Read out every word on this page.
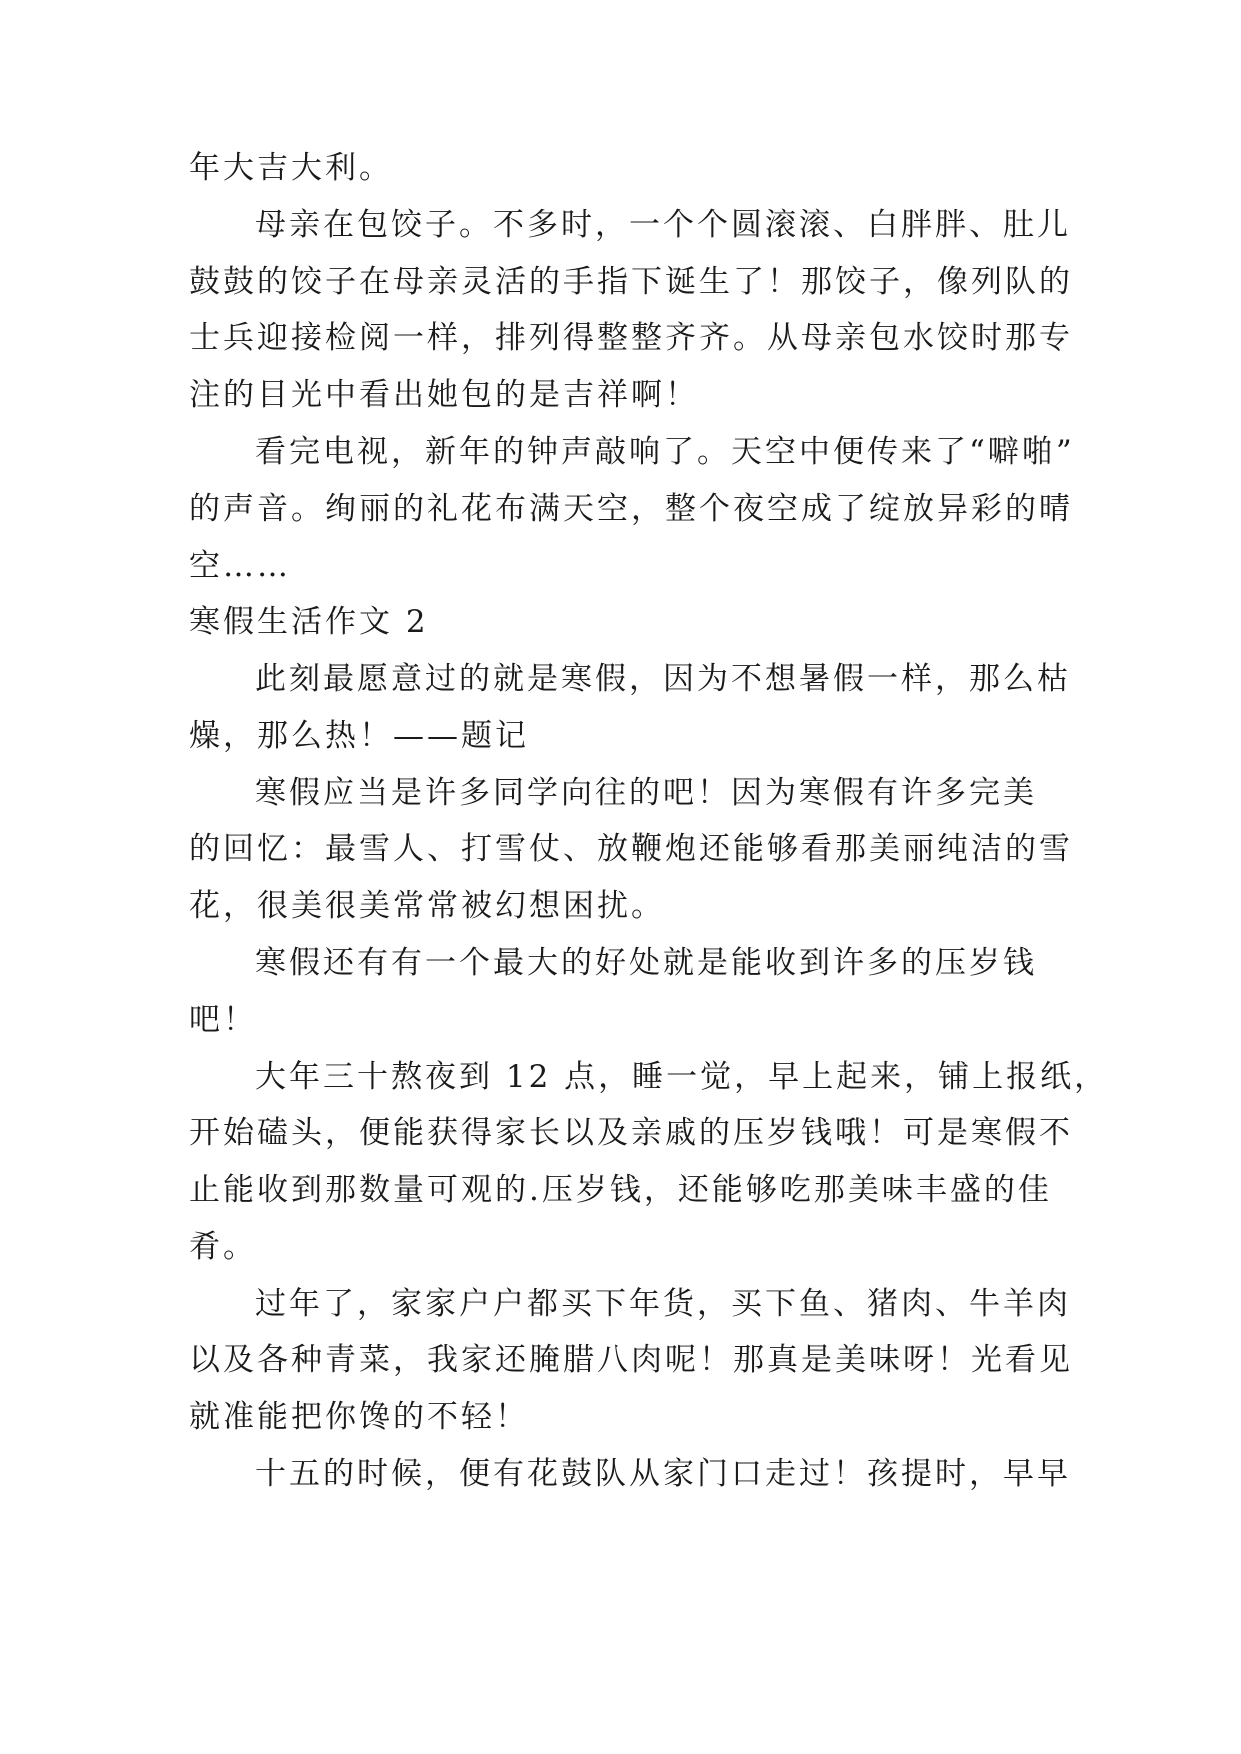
年大吉大利。
母亲在包饺子。不多时，一个个圆滚滚、白胖胖、肚儿
鼓鼓的饺子在母亲灵活的手指下诞生了！那饺子，像列队的
士兵迎接检阅一样，排列得整整齐齐。从母亲包水饺时那专
注的目光中看出她包的是吉祥啊！
看完电视，新年的钟声敲响了。天空中便传来了“噼啪”
的声音。绚丽的礼花布满天空，整个夜空成了绽放异彩的晴
空……
寒假生活作文 2
此刻最愿意过的就是寒假，因为不想暑假一样，那么枯
燥，那么热！——题记
寒假应当是许多同学向往的吧！因为寒假有许多完美
的回忆：最雪人、打雪仗、放鞭炮还能够看那美丽纯洁的雪
花，很美很美常常被幻想困扰。
寒假还有有一个最大的好处就是能收到许多的压岁钱
吧！
大年三十熬夜到 12 点，睡一觉，早上起来，铺上报纸，
开始磕头，便能获得家长以及亲戚的压岁钱哦！可是寒假不
止能收到那数量可观的.压岁钱，还能够吃那美味丰盛的佳
肴。
过年了，家家户户都买下年货，买下鱼、猪肉、牛羊肉
以及各种青菜，我家还腌腊八肉呢！那真是美味呀！光看见
就准能把你馋的不轻！
十五的时候，便有花鼓队从家门口走过！孩提时，早早
